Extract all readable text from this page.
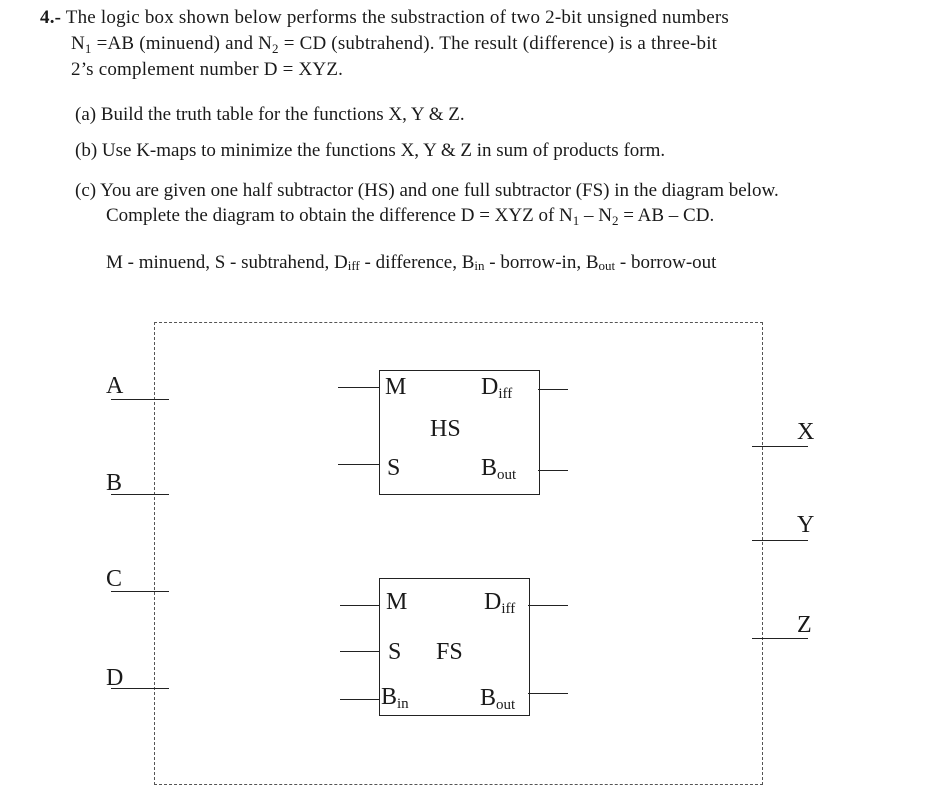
4.- The logic box shown below performs the substraction of two 2-bit unsigned numbers
$N_1 =AB$ (minuend) and $N_2$ = CD (subtrahend). The result (difference) is a three-bit
2’s complement number D = XYZ.
(a) Build the truth table for the functions X, Y & Z.
(b) Use K-maps to minimize the functions X, Y & Z in sum of products form.
(c) You are given one half subtractor (HS) and one full subtractor (FS) in the diagram below.
Complete the diagram to obtain the difference D = XYZ of $N_1 - N_2$ = AB – CD.
M - minuend, S - subtrahend, Diff - difference, Bin - borrow-in, Bout - borrow-out
A
B
C
D
X
Y
Z
M
S
HS
$D_{iff}$
$B_{out}$
M
S FS
$B_{in}$
$D_{iff}$
$B_{out}$
